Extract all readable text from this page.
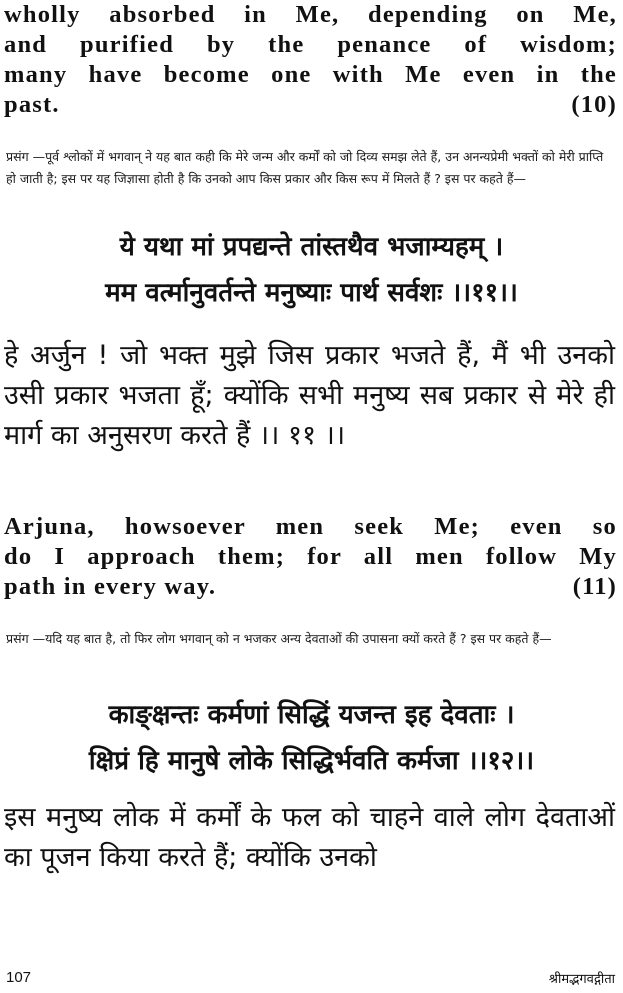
wholly absorbed in Me, depending on Me,

and purified by the penance of wisdom;

many have become one with Me even in the

past.	(10)

प्रसंग —पूर्व श्लोकों में भगवान् ने यह बात कही कि मेरे जन्म और कर्मों को जो दिव्य समझ लेते हैं, उन अनन्यप्रेमी भक्तों को मेरी प्राप्ति हो जाती है; इस पर यह जिज्ञासा होती है कि उनको आप किस प्रकार और किस रूप में मिलते हैं ? इस पर कहते हैं—

ये यथा मां प्रपद्यन्ते तांस्तथैव भजाम्यहम् ।

मम वर्त्मानुवर्तन्ते मनुष्याः पार्थ सर्वशः ।।११।।

हे अर्जुन ! जो भक्त मुझे जिस प्रकार भजते हैं, मैं भी उनको उसी प्रकार भजता हूँ; क्योंकि सभी मनुष्य सब प्रकार से मेरे ही मार्ग का अनुसरण करते हैं ।। ११ ।।

Arjuna, howsoever men seek Me; even so

do I approach them; for all men follow My

path in every way.	(11)

प्रसंग —यदि यह बात है, तो फिर लोग भगवान् को न भजकर अन्य देवताओं की उपासना क्यों करते हैं ? इस पर कहते हैं—

काङ्क्षन्तः कर्मणां सिद्धिं यजन्त इह देवताः ।

क्षिप्रं हि मानुषे लोके सिद्धिर्भवति कर्मजा ।।१२।।

इस मनुष्य लोक में कर्मों के फल को चाहने वाले लोग देवताओं का पूजन किया करते हैं; क्योंकि उनको

107	श्रीमद्भगवद्गीता
